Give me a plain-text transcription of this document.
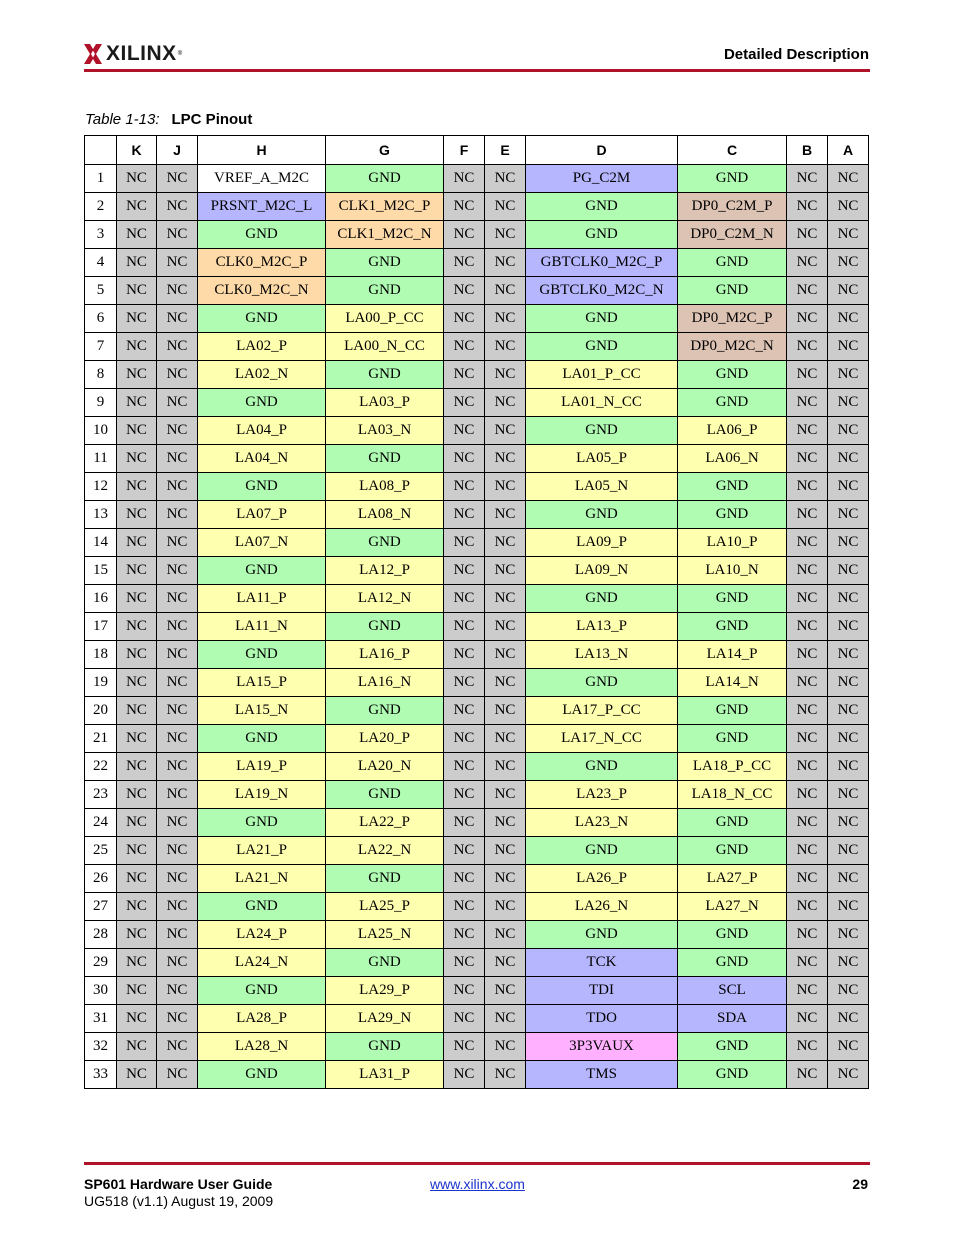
XILINX ®	Detailed Description
Table 1-13: LPC Pinout
	K	J	H	G	F	E	D	C	B	A
1	NC	NC	VREF_A_M2C	GND	NC	NC	PG_C2M	GND	NC	NC
2	NC	NC	PRSNT_M2C_L	CLK1_M2C_P	NC	NC	GND	DP0_C2M_P	NC	NC
3	NC	NC	GND	CLK1_M2C_N	NC	NC	GND	DP0_C2M_N	NC	NC
4	NC	NC	CLK0_M2C_P	GND	NC	NC	GBTCLK0_M2C_P	GND	NC	NC
5	NC	NC	CLK0_M2C_N	GND	NC	NC	GBTCLK0_M2C_N	GND	NC	NC
6	NC	NC	GND	LA00_P_CC	NC	NC	GND	DP0_M2C_P	NC	NC
7	NC	NC	LA02_P	LA00_N_CC	NC	NC	GND	DP0_M2C_N	NC	NC
8	NC	NC	LA02_N	GND	NC	NC	LA01_P_CC	GND	NC	NC
9	NC	NC	GND	LA03_P	NC	NC	LA01_N_CC	GND	NC	NC
10	NC	NC	LA04_P	LA03_N	NC	NC	GND	LA06_P	NC	NC
11	NC	NC	LA04_N	GND	NC	NC	LA05_P	LA06_N	NC	NC
12	NC	NC	GND	LA08_P	NC	NC	LA05_N	GND	NC	NC
13	NC	NC	LA07_P	LA08_N	NC	NC	GND	GND	NC	NC
14	NC	NC	LA07_N	GND	NC	NC	LA09_P	LA10_P	NC	NC
15	NC	NC	GND	LA12_P	NC	NC	LA09_N	LA10_N	NC	NC
16	NC	NC	LA11_P	LA12_N	NC	NC	GND	GND	NC	NC
17	NC	NC	LA11_N	GND	NC	NC	LA13_P	GND	NC	NC
18	NC	NC	GND	LA16_P	NC	NC	LA13_N	LA14_P	NC	NC
19	NC	NC	LA15_P	LA16_N	NC	NC	GND	LA14_N	NC	NC
20	NC	NC	LA15_N	GND	NC	NC	LA17_P_CC	GND	NC	NC
21	NC	NC	GND	LA20_P	NC	NC	LA17_N_CC	GND	NC	NC
22	NC	NC	LA19_P	LA20_N	NC	NC	GND	LA18_P_CC	NC	NC
23	NC	NC	LA19_N	GND	NC	NC	LA23_P	LA18_N_CC	NC	NC
24	NC	NC	GND	LA22_P	NC	NC	LA23_N	GND	NC	NC
25	NC	NC	LA21_P	LA22_N	NC	NC	GND	GND	NC	NC
26	NC	NC	LA21_N	GND	NC	NC	LA26_P	LA27_P	NC	NC
27	NC	NC	GND	LA25_P	NC	NC	LA26_N	LA27_N	NC	NC
28	NC	NC	LA24_P	LA25_N	NC	NC	GND	GND	NC	NC
29	NC	NC	LA24_N	GND	NC	NC	TCK	GND	NC	NC
30	NC	NC	GND	LA29_P	NC	NC	TDI	SCL	NC	NC
31	NC	NC	LA28_P	LA29_N	NC	NC	TDO	SDA	NC	NC
32	NC	NC	LA28_N	GND	NC	NC	3P3VAUX	GND	NC	NC
33	NC	NC	GND	LA31_P	NC	NC	TMS	GND	NC	NC
SP601 Hardware User Guide
UG518 (v1.1) August 19, 2009
www.xilinx.com	29
